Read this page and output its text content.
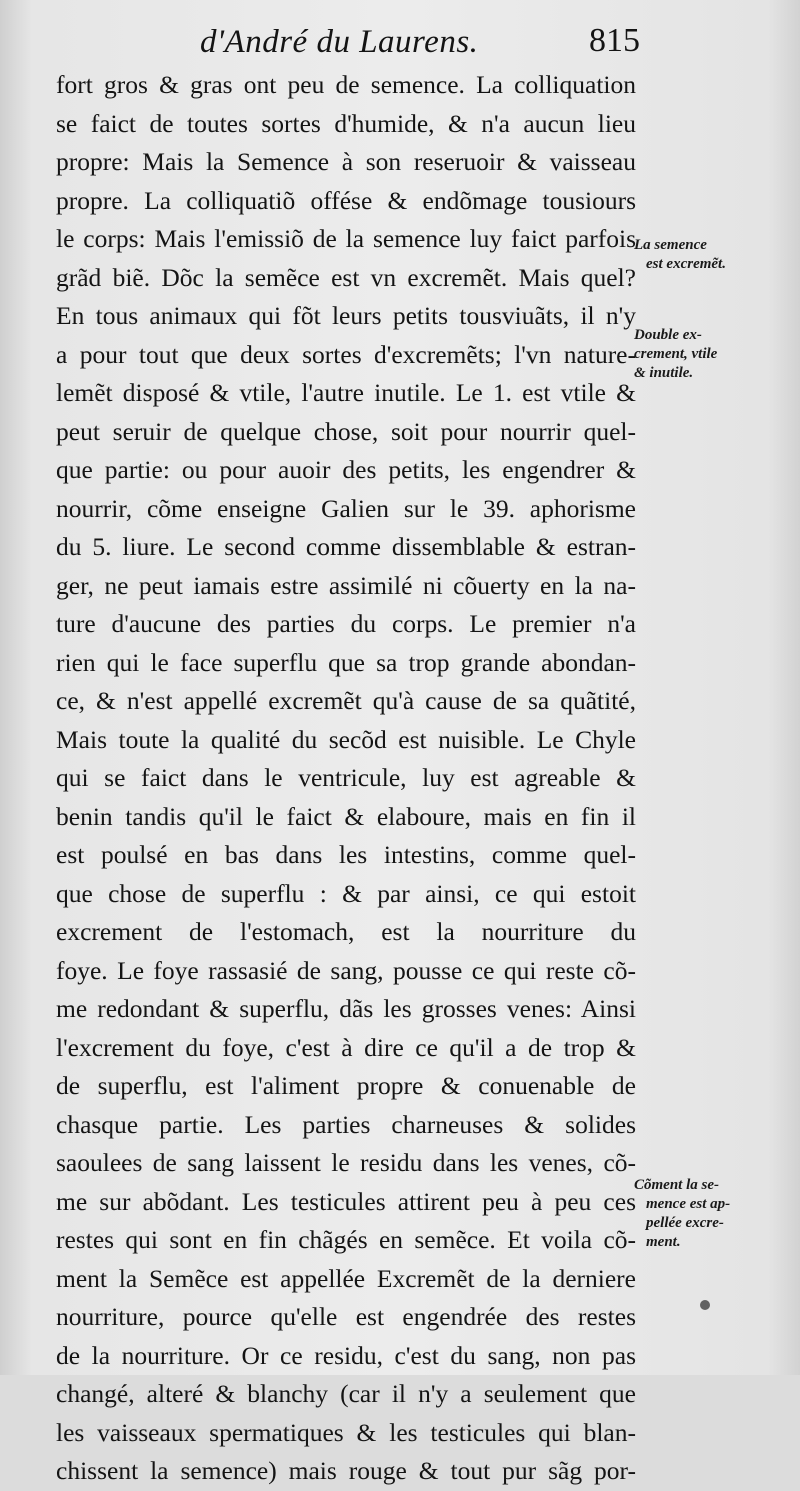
d'André du Laurens.	815
fort gros & gras ont peu de semence. La colliquation
se faict de toutes sortes d'humide, & n'a aucun lieu
propre: Mais la Semence à son reseruoir & vaisseau
propre. La colliquatiõ offése & endõmage tousiours
le corps: Mais l'emissiõ de la semence luy faict parfois
grãd biẽ. Dõc la semẽce est vn excremẽt. Mais quel?
En tous animaux qui fõt leurs petits tousviuãts, il n'y
a pour tout que deux sortes d'excremẽts; l'vn nature-
lemẽt disposé & vtile, l'autre inutile. Le 1. est vtile &
peut seruir de quelque chose, soit pour nourrir quel-
que partie: ou pour auoir des petits, les engendrer &
nourrir, cõme enseigne Galien sur le 39. aphorisme
du 5. liure. Le second comme dissemblable & estran-
ger, ne peut iamais estre assimilé ni cõuerty en la na-
ture d'aucune des parties du corps. Le premier n'a
rien qui le face superflu que sa trop grande abondan-
ce, & n'est appellé excremẽt qu'à cause de sa quãtité,
Mais toute la qualité du secõd est nuisible. Le Chyle
qui se faict dans le ventricule, luy est agreable &
benin tandis qu'il le faict & elaboure, mais en fin il
est poulsé en bas dans les intestins, comme quel-
que chose de superflu : & par ainsi, ce qui estoit
excrement de l'estomach, est la nourriture du
foye. Le foye rassasié de sang, pousse ce qui reste cõ-
me redondant & superflu, dãs les grosses venes: Ainsi
l'excrement du foye, c'est à dire ce qu'il a de trop &
de superflu, est l'aliment propre & conuenable de
chasque partie. Les parties charneuses & solides
saoulees de sang laissent le residu dans les venes, cõ-
me sur abõdant. Les testicules attirent peu à peu ces
restes qui sont en fin chãgés en semẽce. Et voila cõ-
ment la Semẽce est appellée Excremẽt de la derniere
nourriture, pource qu'elle est engendrée des restes
de la nourriture. Or ce residu, c'est du sang, non pas
changé, alteré & blanchy (car il n'y a seulement que
les vaisseaux spermatiques & les testicules qui blan-
chissent la semence) mais rouge & tout pur sãg por-
La semence
est excremẽt.
Double ex-
crement, vtile
& inutile.
Cõment la se-
mence est ap-
pellée excre-
ment.
